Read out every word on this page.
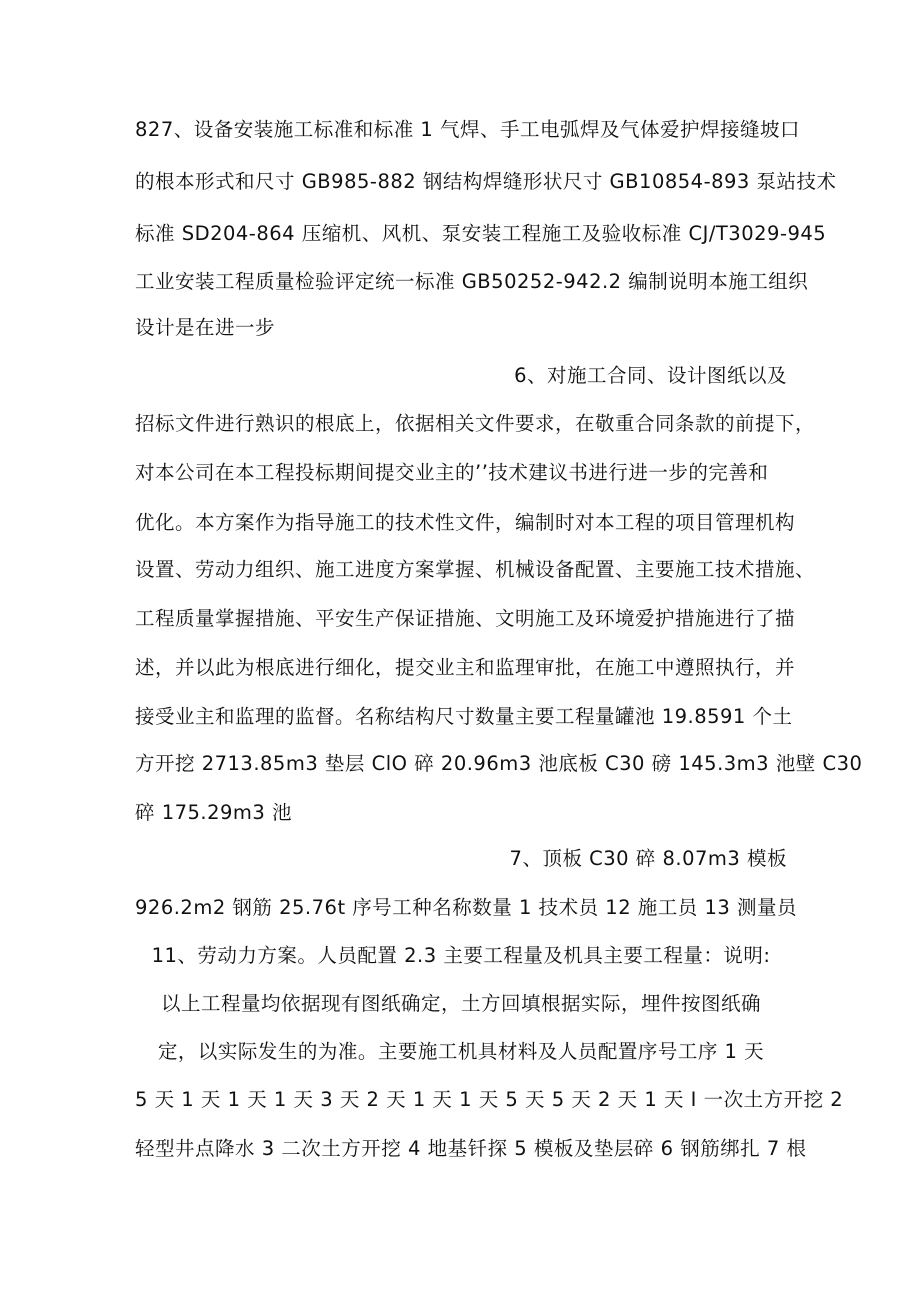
827、设备安装施工标准和标准 1 气焊、手工电弧焊及气体爱护焊接缝坡口
的根本形式和尺寸 GB985-882 钢结构焊缝形状尺寸 GB10854-893 泵站技术
标准 SD204-864 压缩机、风机、泵安装工程施工及验收标准 CJ/T3029-945
工业安装工程质量检验评定统一标准 GB50252-942.2 编制说明本施工组织
设计是在进一步
6、对施工合同、设计图纸以及
招标文件进行熟识的根底上，依据相关文件要求，在敬重合同条款的前提下，
对本公司在本工程投标期间提交业主的’’技术建议书进行进一步的完善和
优化。本方案作为指导施工的技术性文件，编制时对本工程的项目管理机构
设置、劳动力组织、施工进度方案掌握、机械设备配置、主要施工技术措施、
工程质量掌握措施、平安生产保证措施、文明施工及环境爱护措施进行了描
述，并以此为根底进行细化，提交业主和监理审批，在施工中遵照执行，并
接受业主和监理的监督。名称结构尺寸数量主要工程量罐池 19.8591 个土
方开挖 2713.85m3 垫层 ClO 碎 20.96m3 池底板 C30 磅 145.3m3 池壁 C30
碎 175.29m3 池
7、顶板 C30 碎 8.07m3 模板
926.2m2 钢筋 25.76t 序号工种名称数量 1 技术员 12 施工员 13 测量员
11、劳动力方案。人员配置 2.3 主要工程量及机具主要工程量：说明:
以上工程量均依据现有图纸确定，土方回填根据实际，埋件按图纸确
定，以实际发生的为准。主要施工机具材料及人员配置序号工序 1 天
5 天 1 天 1 天 1 天 3 天 2 天 1 天 1 天 5 天 5 天 2 天 1 天 I 一次土方开挖 2
轻型井点降水 3 二次土方开挖 4 地基钎探 5 模板及垫层碎 6 钢筋绑扎 7 根
